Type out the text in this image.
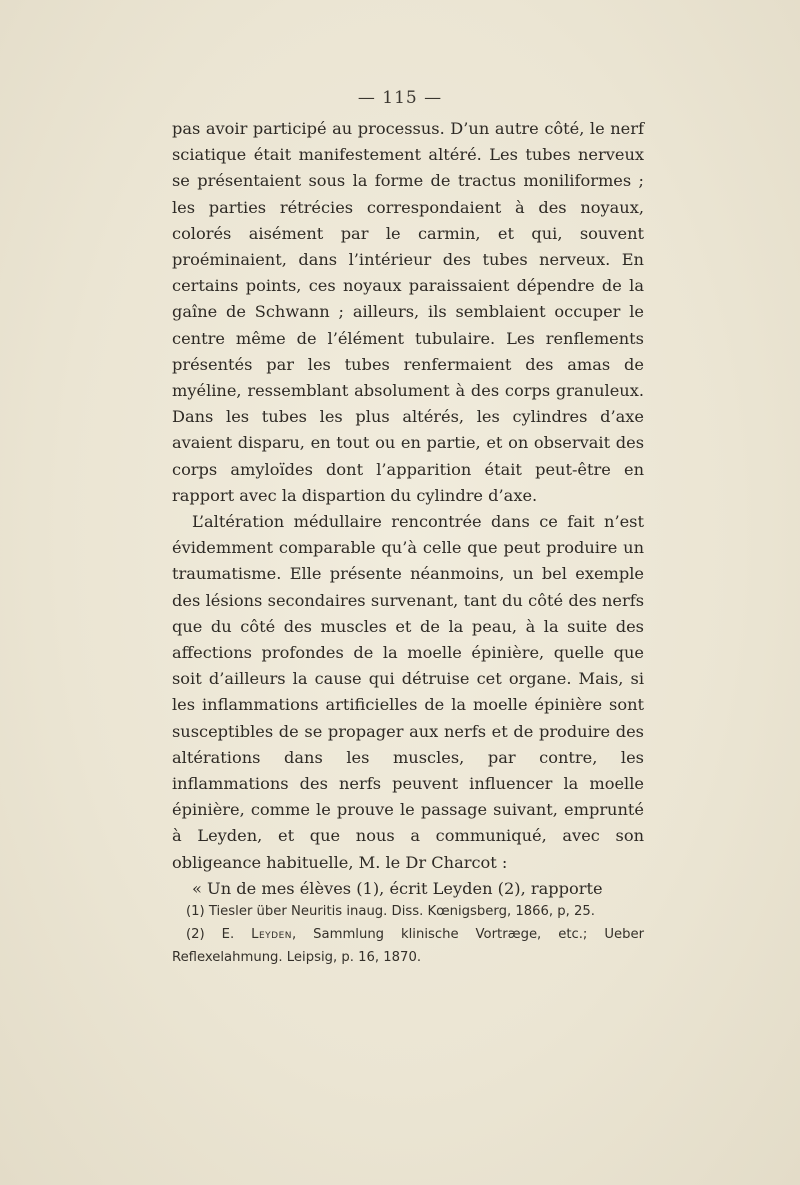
— 115 —

pas avoir participé au processus. D’un autre côté, le nerf sciatique était manifestement altéré. Les tubes nerveux se présentaient sous la forme de tractus moniliformes ; les parties rétrécies correspondaient à des noyaux, colorés aisément par le carmin, et qui, souvent proéminaient, dans l’intérieur des tubes nerveux. En certains points, ces noyaux paraissaient dépendre de la gaîne de Schwann ; ailleurs, ils semblaient occuper le centre même de l’élément tubulaire. Les renflements présentés par les tubes renfermaient des amas de myéline, ressemblant absolument à des corps granuleux. Dans les tubes les plus altérés, les cylindres d’axe avaient disparu, en tout ou en partie, et on observait des corps amyloïdes dont l’apparition était peut-être en rapport avec la dispartion du cylindre d’axe.

L’altération médullaire rencontrée dans ce fait n’est évidemment comparable qu’à celle que peut produire un traumatisme. Elle présente néanmoins, un bel exemple des lésions secondaires survenant, tant du côté des nerfs que du côté des muscles et de la peau, à la suite des affections profondes de la moelle épinière, quelle que soit d’ailleurs la cause qui détruise cet organe. Mais, si les inflammations artificielles de la moelle épinière sont susceptibles de se propager aux nerfs et de produire des altérations dans les muscles, par contre, les inflammations des nerfs peuvent influencer la moelle épinière, comme le prouve le passage suivant, emprunté à Leyden, et que nous a communiqué, avec son obligeance habituelle, M. le Dr Charcot :

« Un de mes élèves (1), écrit Leyden (2), rapporte

(1) Tiesler über Neuritis inaug. Diss. Kœnigsberg, 1866, p, 25.

(2) E. Leyden, Sammlung klinische Vortræge, etc.; Ueber Reflexelahmung. Leipsig, p. 16, 1870.
